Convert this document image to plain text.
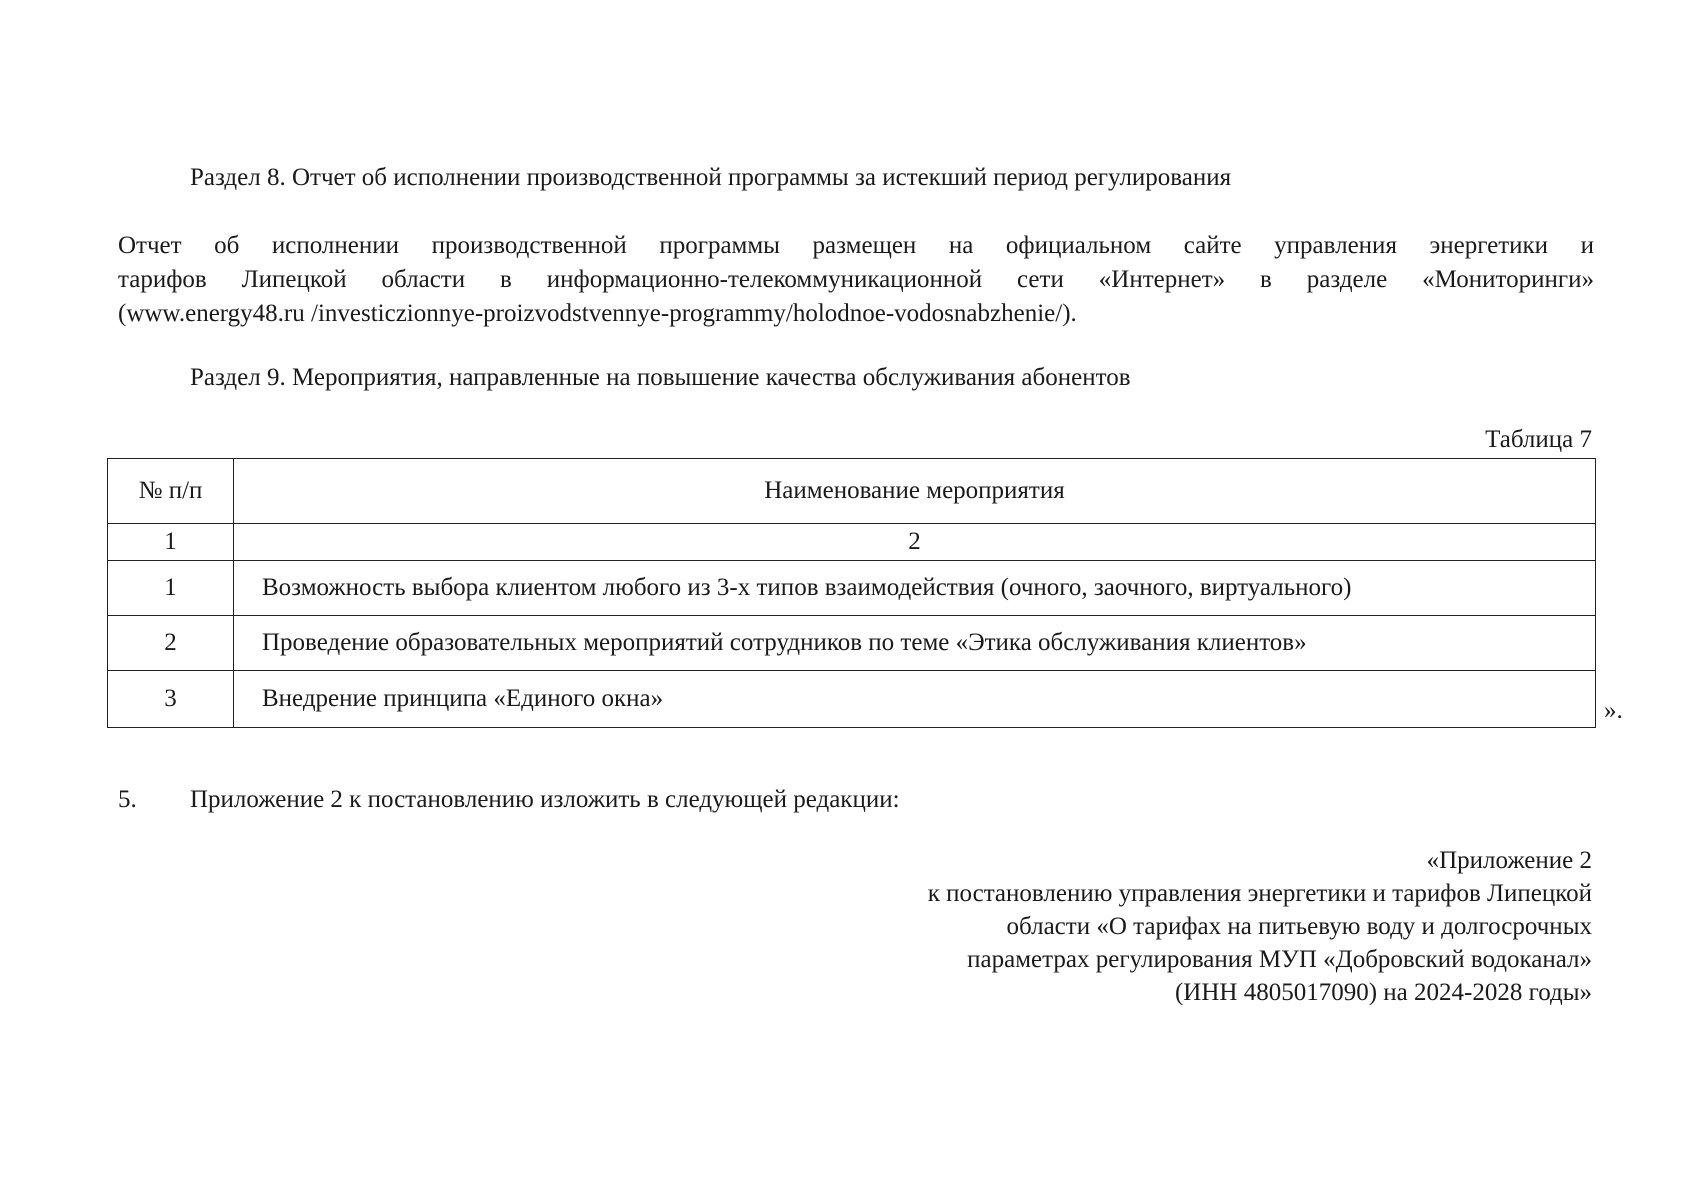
Раздел 8. Отчет об исполнении производственной программы за истекший период регулирования
Отчет об исполнении производственной программы размещен на официальном сайте управления энергетики и
тарифов Липецкой области в информационно-телекоммуникационной сети «Интернет» в разделе «Мониторинги»
(www.energy48.ru /investiczionnye-proizvodstvennye-programmy/holodnoe-vodosnabzhenie/).
Раздел 9. Мероприятия, направленные на повышение качества обслуживания абонентов
Таблица 7
№ п/п	Наименование мероприятия
1	2
1	Возможность выбора клиентом любого из 3-х типов взаимодействия (очного, заочного, виртуального)
2	Проведение образовательных мероприятий сотрудников по теме «Этика обслуживания клиентов»
3	Внедрение принципа «Единого окна»	».
5. Приложение 2 к постановлению изложить в следующей редакции:
«Приложение 2
к постановлению управления энергетики и тарифов Липецкой
области «О тарифах на питьевую воду и долгосрочных
параметрах регулирования МУП «Добровский водоканал»
(ИНН 4805017090) на 2024-2028 годы»
